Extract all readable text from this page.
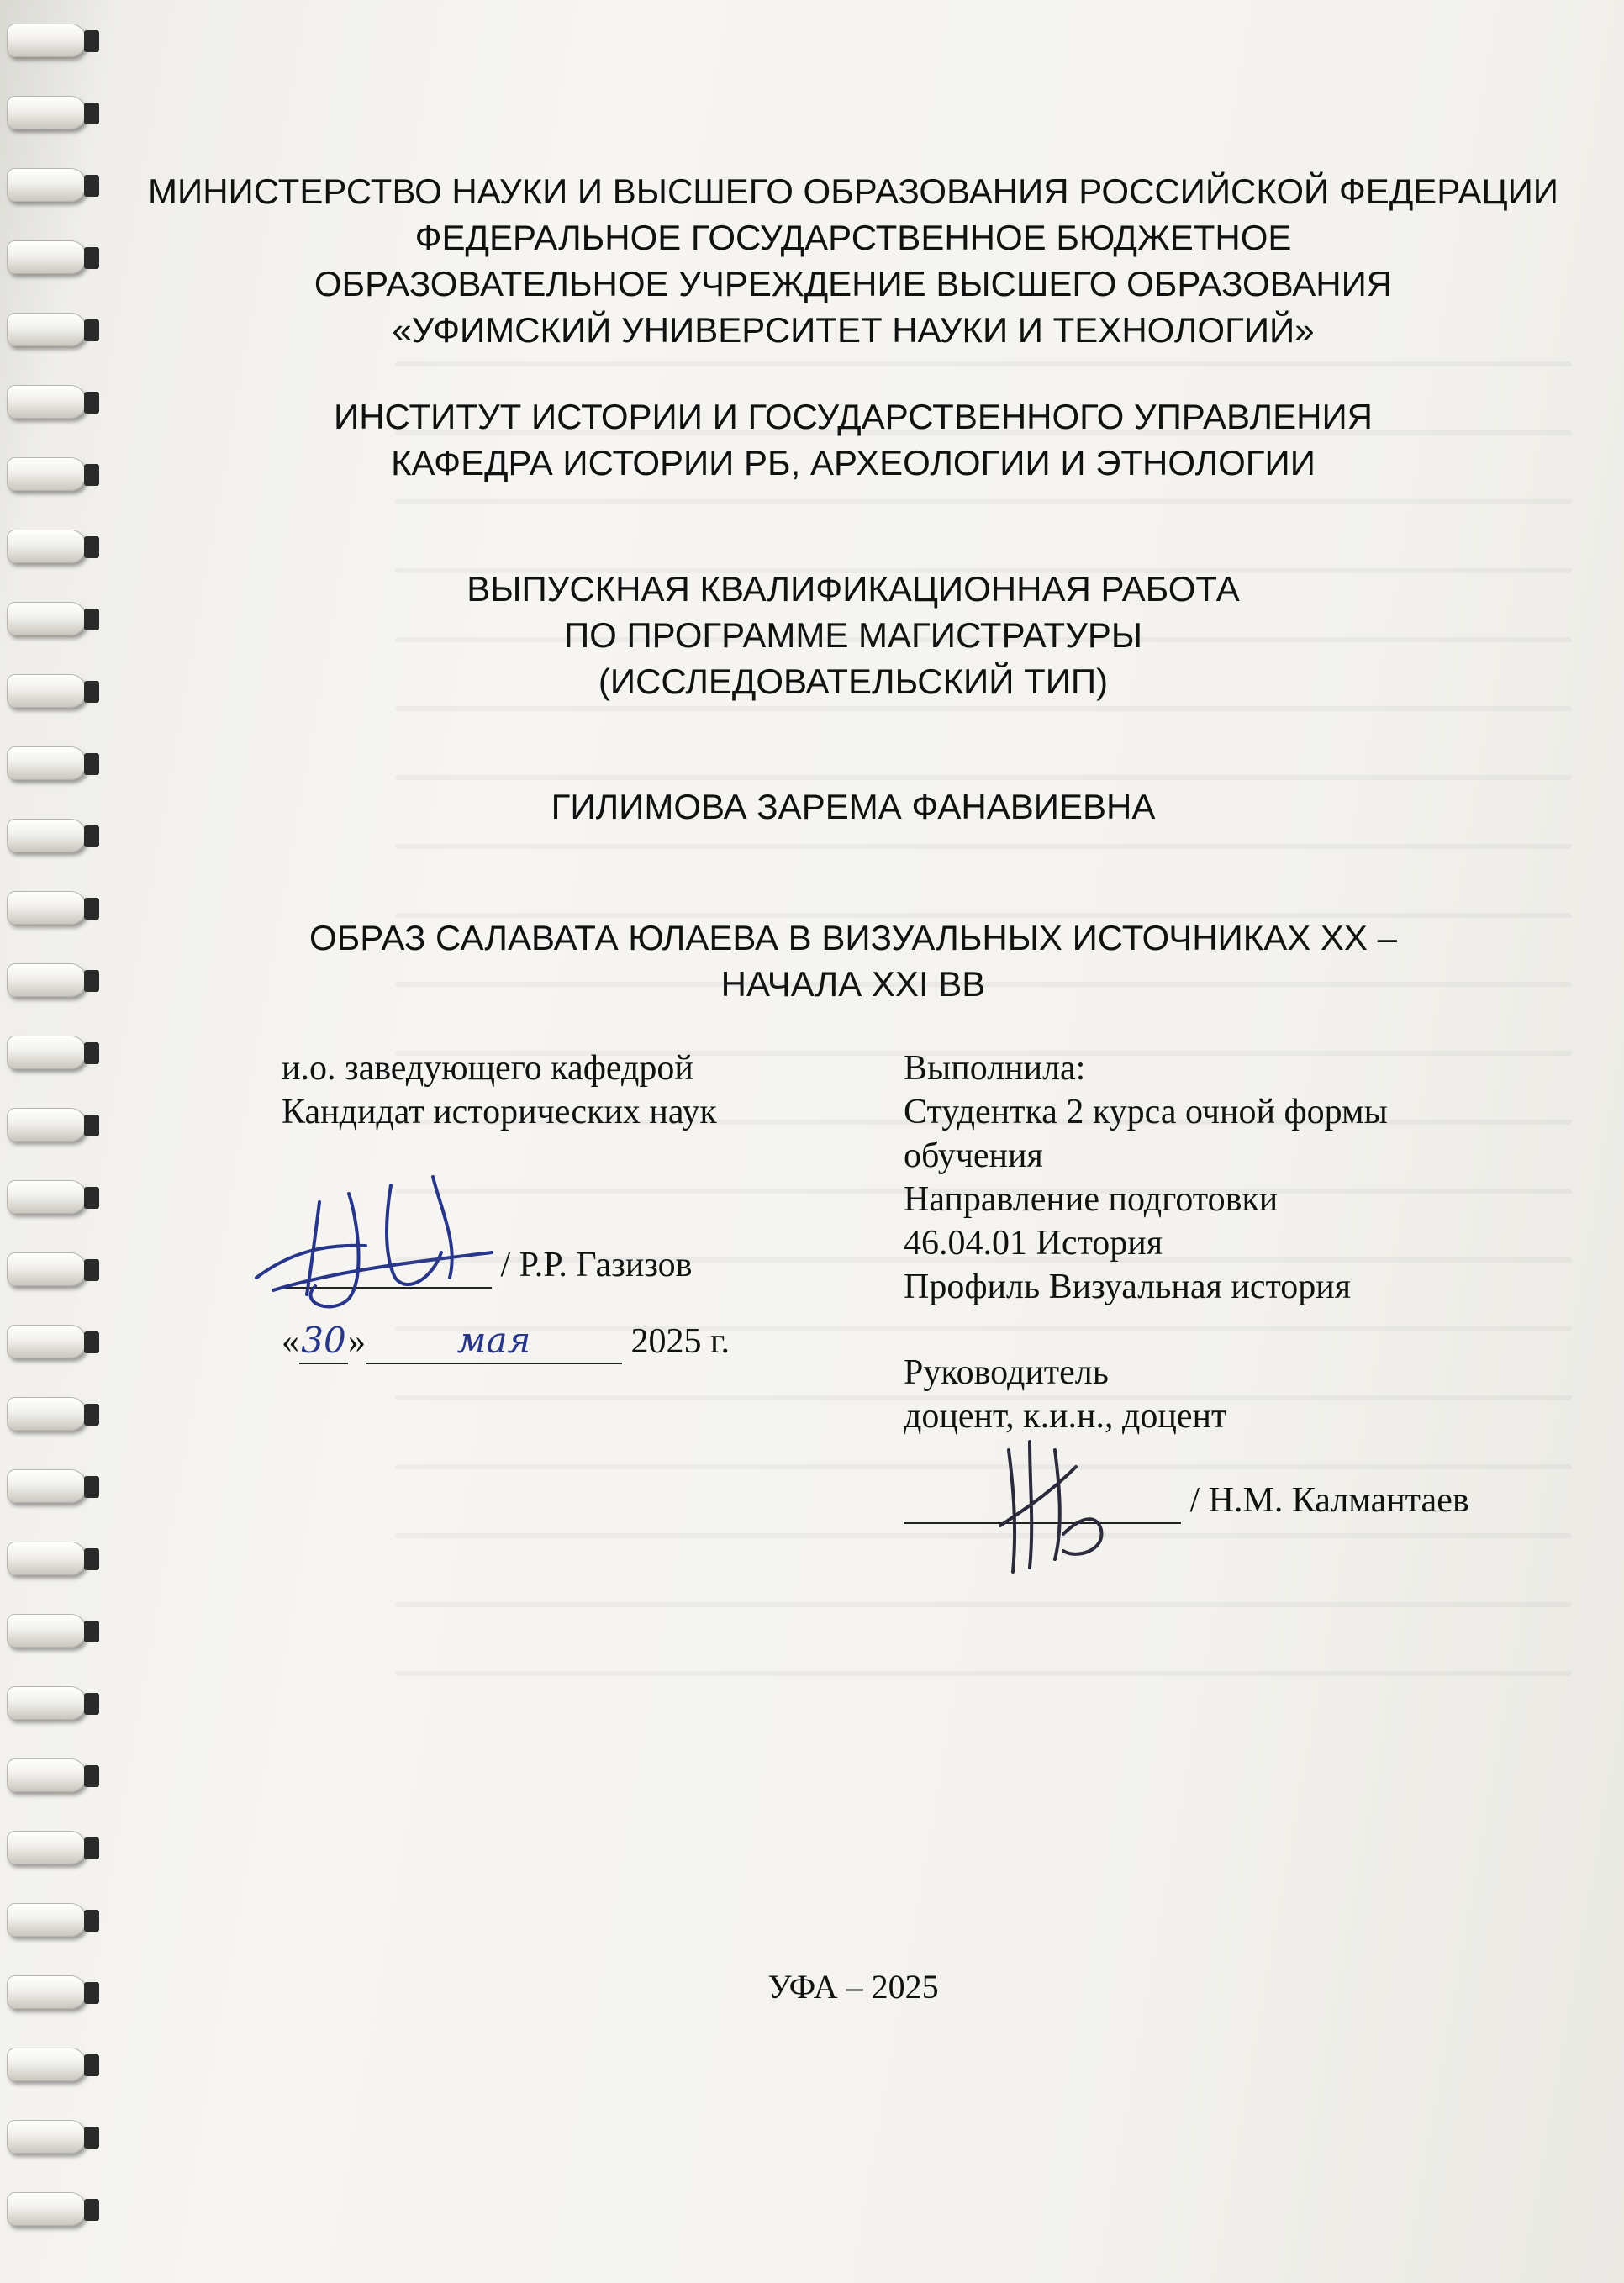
МИНИСТЕРСТВО НАУКИ И ВЫСШЕГО ОБРАЗОВАНИЯ РОССИЙСКОЙ ФЕДЕРАЦИИ
ФЕДЕРАЛЬНОЕ ГОСУДАРСТВЕННОЕ БЮДЖЕТНОЕ
ОБРАЗОВАТЕЛЬНОЕ УЧРЕЖДЕНИЕ ВЫСШЕГО ОБРАЗОВАНИЯ
«УФИМСКИЙ УНИВЕРСИТЕТ НАУКИ И ТЕХНОЛОГИЙ»
ИНСТИТУТ ИСТОРИИ И ГОСУДАРСТВЕННОГО УПРАВЛЕНИЯ
КАФЕДРА ИСТОРИИ РБ, АРХЕОЛОГИИ И ЭТНОЛОГИИ
ВЫПУСКНАЯ КВАЛИФИКАЦИОННАЯ РАБОТА
ПО ПРОГРАММЕ МАГИСТРАТУРЫ
(ИССЛЕДОВАТЕЛЬСКИЙ ТИП)
ГИЛИМОВА ЗАРЕМА ФАНАВИЕВНА
ОБРАЗ САЛАВАТА ЮЛАЕВА В ВИЗУАЛЬНЫХ ИСТОЧНИКАХ ХХ –
НАЧАЛА XXI ВВ
и.о. заведующего кафедрой
Кандидат исторических наук
/ Р.Р. Газизов
«30»	мая	2025 г.
Выполнила:
Студентка 2 курса очной формы
обучения
Направление подготовки
46.04.01 История
Профиль Визуальная история
Руководитель
доцент, к.и.н., доцент
/ Н.М. Калмантаев
УФА – 2025
